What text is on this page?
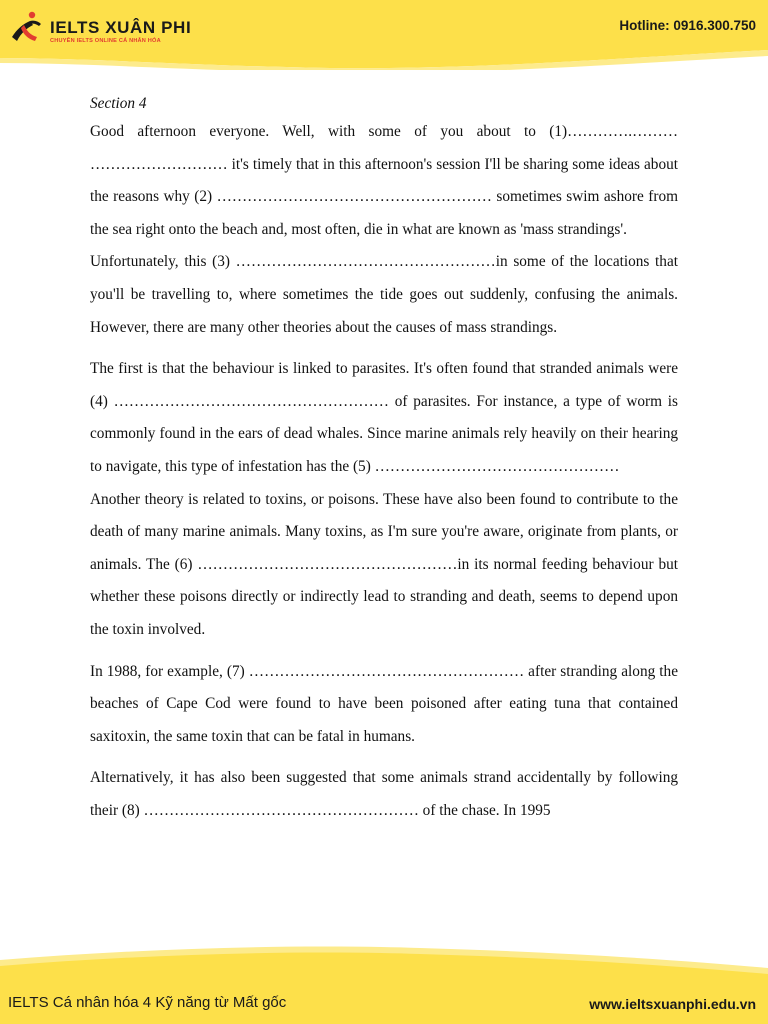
IELTS XUÂN PHI
CHUYÊN IELTS ONLINE CÁ NHÂN HÓA
Hotline: 0916.300.750
Section 4

Good afternoon everyone. Well, with some of you about to (1)………….……… ……………………… it's timely that in this afternoon's session I'll be sharing some ideas about the reasons why (2) ……………………………………………… sometimes swim ashore from the sea right onto the beach and, most often, die in what are known as 'mass strandings'.

Unfortunately, this (3) ……………………………………………in some of the locations that you'll be travelling to, where sometimes the tide goes out suddenly, confusing the animals. However, there are many other theories about the causes of mass strandings.

The first is that the behaviour is linked to parasites. It's often found that stranded animals were (4) ……………………………………………… of parasites. For instance, a type of worm is commonly found in the ears of dead whales. Since marine animals rely heavily on their hearing to navigate, this type of infestation has the (5) …………………………………………

Another theory is related to toxins, or poisons. These have also been found to contribute to the death of many marine animals. Many toxins, as I'm sure you're aware, originate from plants, or animals. The (6) ……………………………………………in its normal feeding behaviour but whether these poisons directly or indirectly lead to stranding and death, seems to depend upon the toxin involved.

In 1988, for example, (7) ……………………………………………… after stranding along the beaches of Cape Cod were found to have been poisoned after eating tuna that contained saxitoxin, the same toxin that can be fatal in humans.

Alternatively, it has also been suggested that some animals strand accidentally by following their (8) ……………………………………………… of the chase. In 1995

IELTS Cá nhân hóa 4 Kỹ năng từ Mất gốc	www.ieltsxuanphi.edu.vn
